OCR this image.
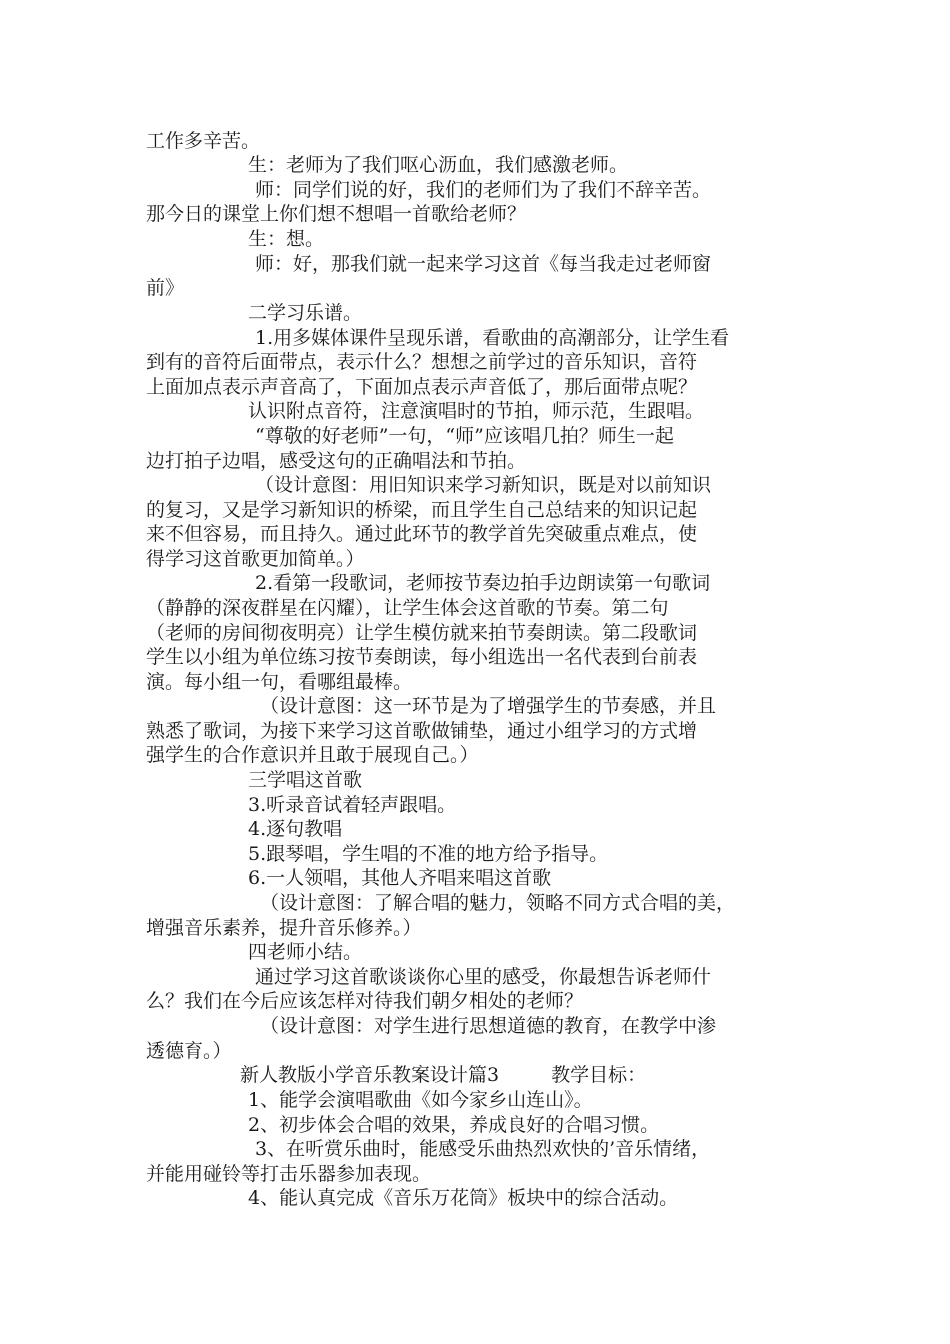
工作多辛苦。
生：老师为了我们呕心沥血，我们感激老师。
师：同学们说的好，我们的老师们为了我们不辞辛苦。
那今日的课堂上你们想不想唱一首歌给老师？
生：想。
师：好，那我们就一起来学习这首《每当我走过老师窗
前》
二学习乐谱。
1.用多媒体课件呈现乐谱，看歌曲的高潮部分，让学生看
到有的音符后面带点，表示什么？想想之前学过的音乐知识，音符
上面加点表示声音高了，下面加点表示声音低了，那后面带点呢？
认识附点音符，注意演唱时的节拍，师示范，生跟唱。
“尊敬的好老师”一句，“师”应该唱几拍？师生一起
边打拍子边唱，感受这句的正确唱法和节拍。
（设计意图：用旧知识来学习新知识，既是对以前知识
的复习，又是学习新知识的桥梁，而且学生自己总结来的知识记起
来不但容易，而且持久。通过此环节的教学首先突破重点难点，使
得学习这首歌更加简单。）
2.看第一段歌词，老师按节奏边拍手边朗读第一句歌词
（静静的深夜群星在闪耀），让学生体会这首歌的节奏。第二句
（老师的房间彻夜明亮）让学生模仿就来拍节奏朗读。第二段歌词
学生以小组为单位练习按节奏朗读，每小组选出一名代表到台前表
演。每小组一句，看哪组最棒。
（设计意图：这一环节是为了增强学生的节奏感，并且
熟悉了歌词，为接下来学习这首歌做铺垫，通过小组学习的方式增
强学生的合作意识并且敢于展现自己。）
三学唱这首歌
3.听录音试着轻声跟唱。
4.逐句教唱
5.跟琴唱，学生唱的不准的地方给予指导。
6.一人领唱，其他人齐唱来唱这首歌
（设计意图：了解合唱的魅力，领略不同方式合唱的美，
增强音乐素养，提升音乐修养。）
四老师小结。
通过学习这首歌谈谈你心里的感受，你最想告诉老师什
么？我们在今后应该怎样对待我们朝夕相处的老师？
（设计意图：对学生进行思想道德的教育，在教学中渗
透德育。）
新人教版小学音乐教案设计篇3	教学目标：
1、能学会演唱歌曲《如今家乡山连山》。
2、初步体会合唱的效果，养成良好的合唱习惯。
3、在听赏乐曲时，能感受乐曲热烈欢快的’音乐情绪，
并能用碰铃等打击乐器参加表现。
4、能认真完成《音乐万花筒》板块中的综合活动。
